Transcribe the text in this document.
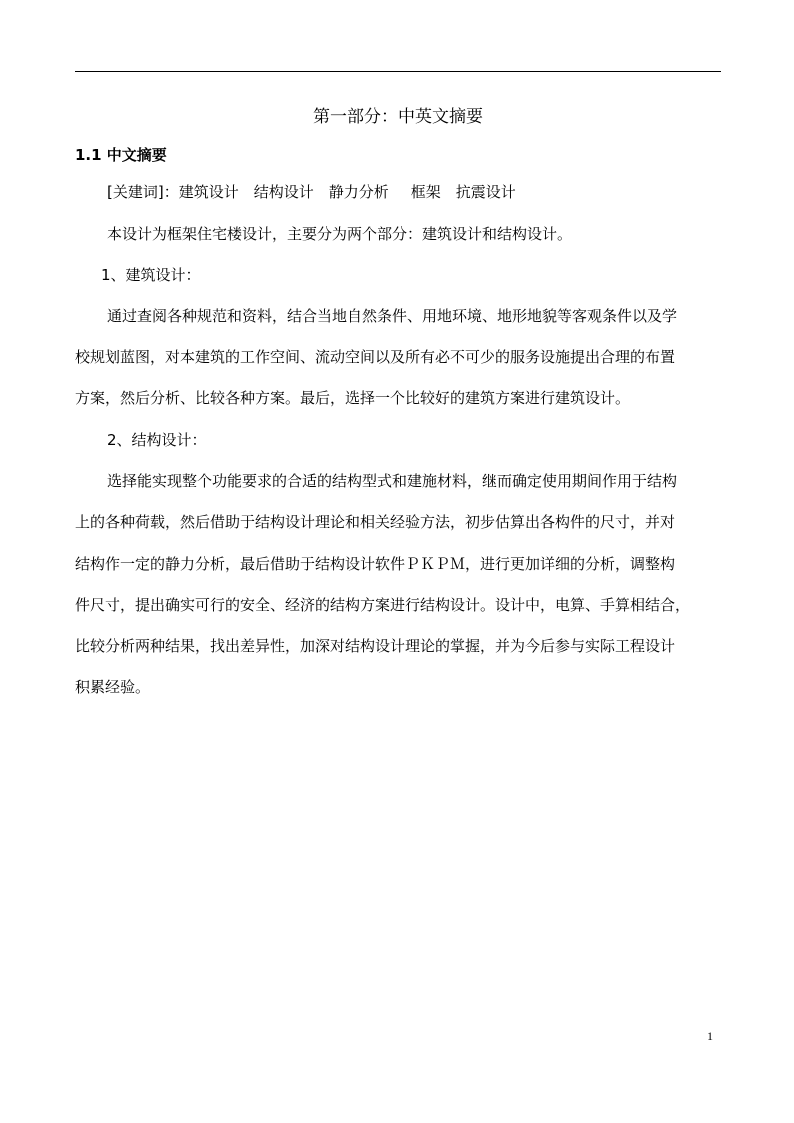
第一部分：中英文摘要
1.1 中文摘要
[关建词]：建筑设计 结构设计 静力分析 框架 抗震设计
本设计为框架住宅楼设计，主要分为两个部分：建筑设计和结构设计。
1、建筑设计：
通过查阅各种规范和资料，结合当地自然条件、用地环境、地形地貌等客观条件以及学
校规划蓝图，对本建筑的工作空间、流动空间以及所有必不可少的服务设施提出合理的布置
方案，然后分析、比较各种方案。最后，选择一个比较好的建筑方案进行建筑设计。
2、结构设计：
选择能实现整个功能要求的合适的结构型式和建施材料，继而确定使用期间作用于结构
上的各种荷载，然后借助于结构设计理论和相关经验方法，初步估算出各构件的尺寸，并对
结构作一定的静力分析，最后借助于结构设计软件ＰＫＰＭ，进行更加详细的分析，调整构
件尺寸，提出确实可行的安全、经济的结构方案进行结构设计。设计中，电算、手算相结合，
比较分析两种结果，找出差异性，加深对结构设计理论的掌握，并为今后参与实际工程设计
积累经验。
1
